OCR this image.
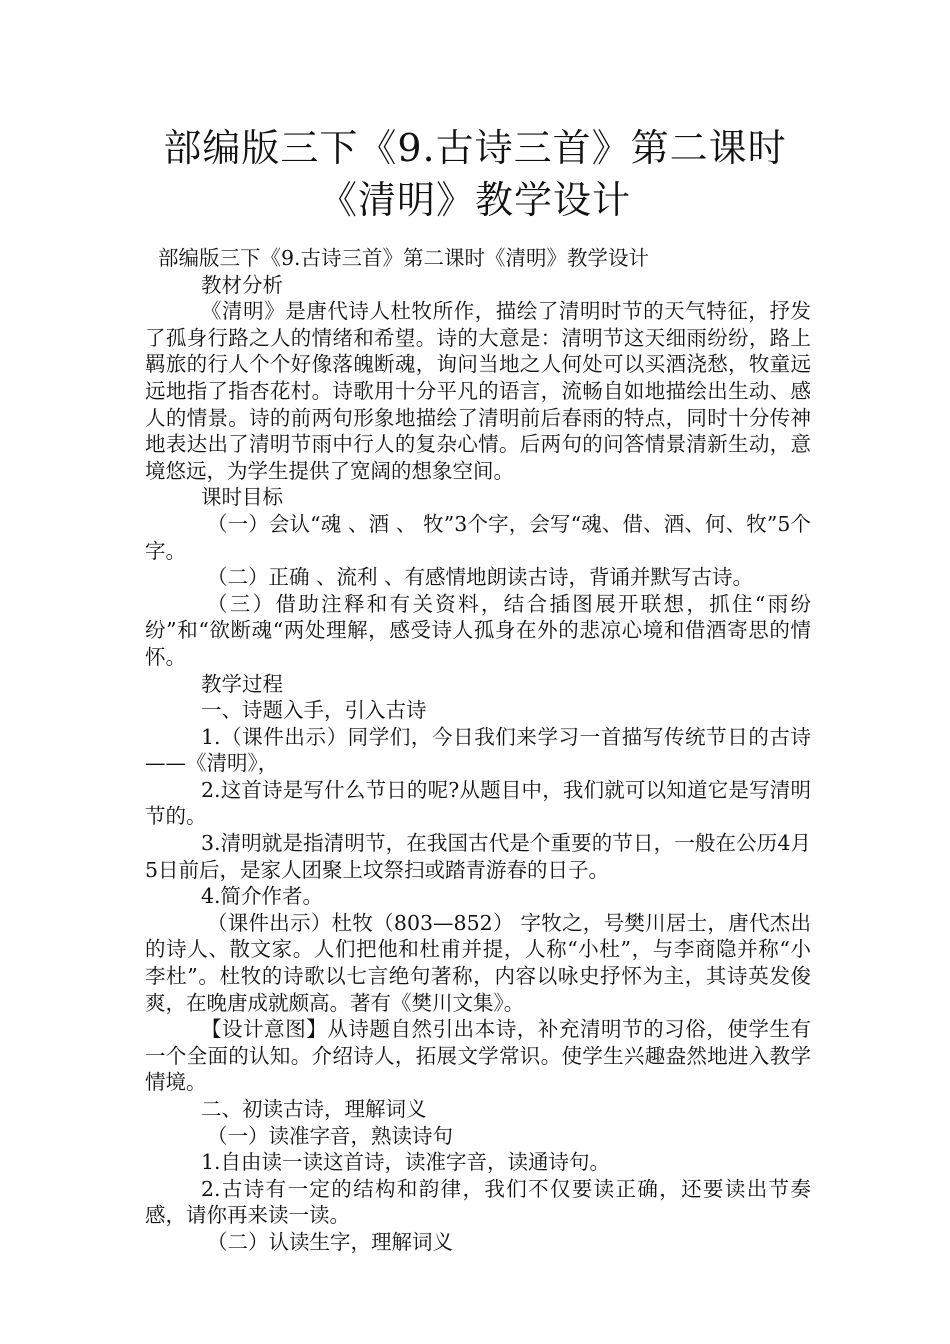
部编版三下《9.古诗三首》第二课时《清明》教学设计

部编版三下《9.古诗三首》第二课时《清明》教学设计

教材分析

《清明》是唐代诗人杜牧所作，描绘了清明时节的天气特征，抒发了孤身行路之人的情绪和希望。诗的大意是：清明节这天细雨纷纷，路上羁旅的行人个个好像落魄断魂，询问当地之人何处可以买酒浇愁，牧童远远地指了指杏花村。诗歌用十分平凡的语言，流畅自如地描绘出生动、感人的情景。诗的前两句形象地描绘了清明前后春雨的特点，同时十分传神地表达出了清明节雨中行人的复杂心情。后两句的问答情景清新生动，意境悠远，为学生提供了宽阔的想象空间。

课时目标

（一）会认“魂 、酒 、 牧”3个字，会写“魂、借、酒、何、牧”5个字。

（二）正确 、流利 、有感情地朗读古诗，背诵并默写古诗。

（三）借助注释和有关资料，结合插图展开联想，抓住“雨纷纷”和“欲断魂“两处理解，感受诗人孤身在外的悲凉心境和借酒寄思的情怀。

教学过程

一、诗题入手，引入古诗

1.（课件出示）同学们，今日我们来学习一首描写传统节日的古诗——《清明》，

2.这首诗是写什么节日的呢?从题目中，我们就可以知道它是写清明节的。

3.清明就是指清明节，在我国古代是个重要的节日，一般在公历4月5日前后，是家人团聚上坟祭扫或踏青游春的日子。

4.简介作者。

（课件出示）杜牧（803—852） 字牧之，号樊川居士，唐代杰出的诗人、散文家。人们把他和杜甫并提，人称“小杜”，与李商隐并称“小李杜”。杜牧的诗歌以七言绝句著称，内容以咏史抒怀为主，其诗英发俊爽，在晚唐成就颇高。著有《樊川文集》。

【设计意图】从诗题自然引出本诗，补充清明节的习俗，使学生有一个全面的认知。介绍诗人，拓展文学常识。使学生兴趣盎然地进入教学情境。

二、初读古诗，理解词义

（一）读准字音，熟读诗句

1.自由读一读这首诗，读准字音，读通诗句。

2.古诗有一定的结构和韵律，我们不仅要读正确，还要读出节奏感，请你再来读一读。

（二）认读生字，理解词义
